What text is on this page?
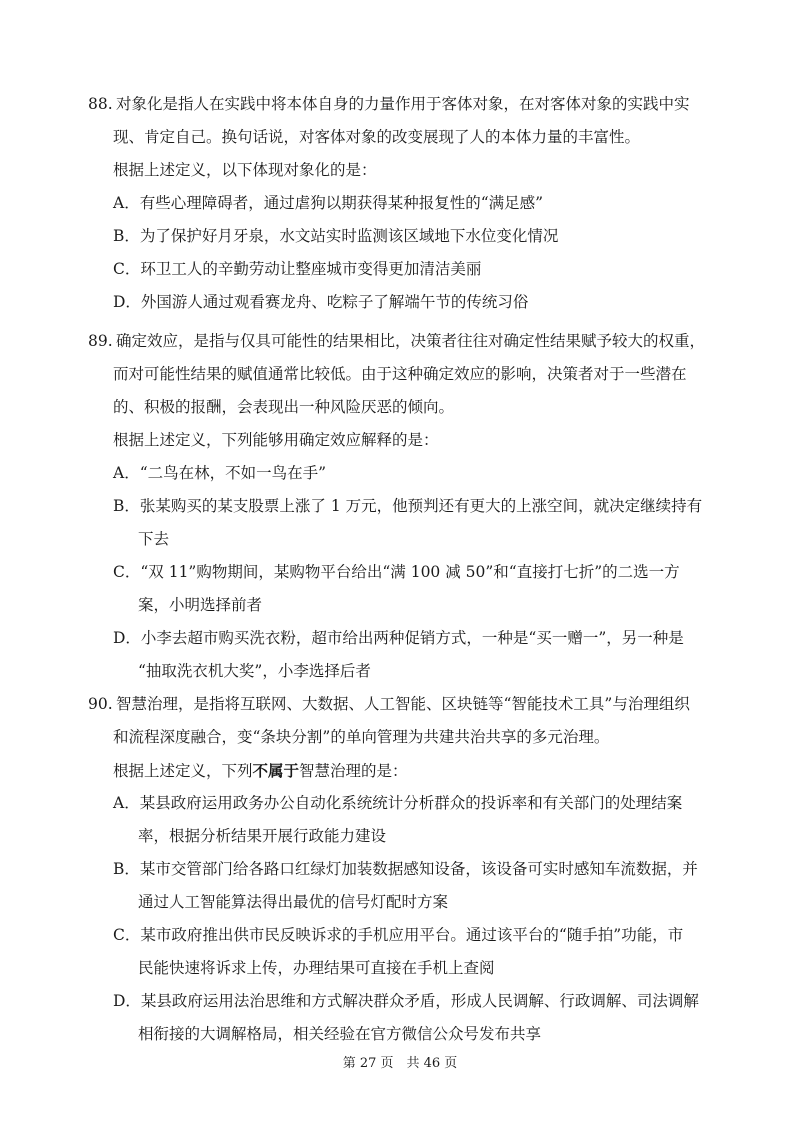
88. 对象化是指人在实践中将本体自身的力量作用于客体对象，在对客体对象的实践中实
现、肯定自己。换句话说，对客体对象的改变展现了人的本体力量的丰富性。
根据上述定义，以下体现对象化的是：
A．有些心理障碍者，通过虐狗以期获得某种报复性的“满足感”
B．为了保护好月牙泉，水文站实时监测该区域地下水位变化情况
C．环卫工人的辛勤劳动让整座城市变得更加清洁美丽
D．外国游人通过观看赛龙舟、吃粽子了解端午节的传统习俗
89. 确定效应，是指与仅具可能性的结果相比，决策者往往对确定性结果赋予较大的权重，
而对可能性结果的赋值通常比较低。由于这种确定效应的影响，决策者对于一些潜在
的、积极的报酬，会表现出一种风险厌恶的倾向。
根据上述定义，下列能够用确定效应解释的是：
A．“二鸟在林，不如一鸟在手”
B．张某购买的某支股票上涨了 1 万元，他预判还有更大的上涨空间，就决定继续持有
下去
C．“双 11”购物期间，某购物平台给出“满 100 减 50”和“直接打七折”的二选一方
案，小明选择前者
D．小李去超市购买洗衣粉，超市给出两种促销方式，一种是“买一赠一”，另一种是
“抽取洗衣机大奖”，小李选择后者
90. 智慧治理，是指将互联网、大数据、人工智能、区块链等“智能技术工具”与治理组织
和流程深度融合，变“条块分割”的单向管理为共建共治共享的多元治理。
根据上述定义，下列不属于智慧治理的是：
A．某县政府运用政务办公自动化系统统计分析群众的投诉率和有关部门的处理结案
率，根据分析结果开展行政能力建设
B．某市交管部门给各路口红绿灯加装数据感知设备，该设备可实时感知车流数据，并
通过人工智能算法得出最优的信号灯配时方案
C．某市政府推出供市民反映诉求的手机应用平台。通过该平台的“随手拍”功能，市
民能快速将诉求上传，办理结果可直接在手机上查阅
D．某县政府运用法治思维和方式解决群众矛盾，形成人民调解、行政调解、司法调解
相衔接的大调解格局，相关经验在官方微信公众号发布共享
第 27 页　共 46 页
